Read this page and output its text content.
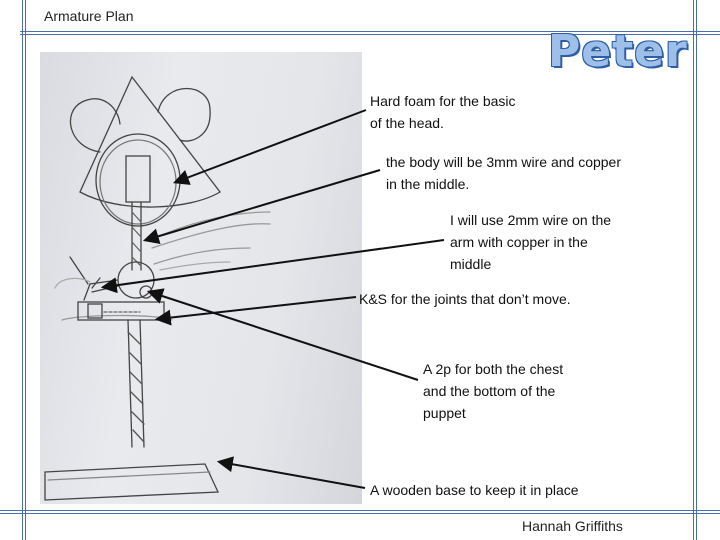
Armature Plan
Peter
Hard foam for the basic
of the head.
the body will be 3mm wire and copper
in the middle.
I will use 2mm wire on the
arm with copper in the
middle
K&S for the joints that don’t move.
A 2p for both the chest
and the bottom of the
puppet
A wooden base to keep it in place
Hannah Griffiths
